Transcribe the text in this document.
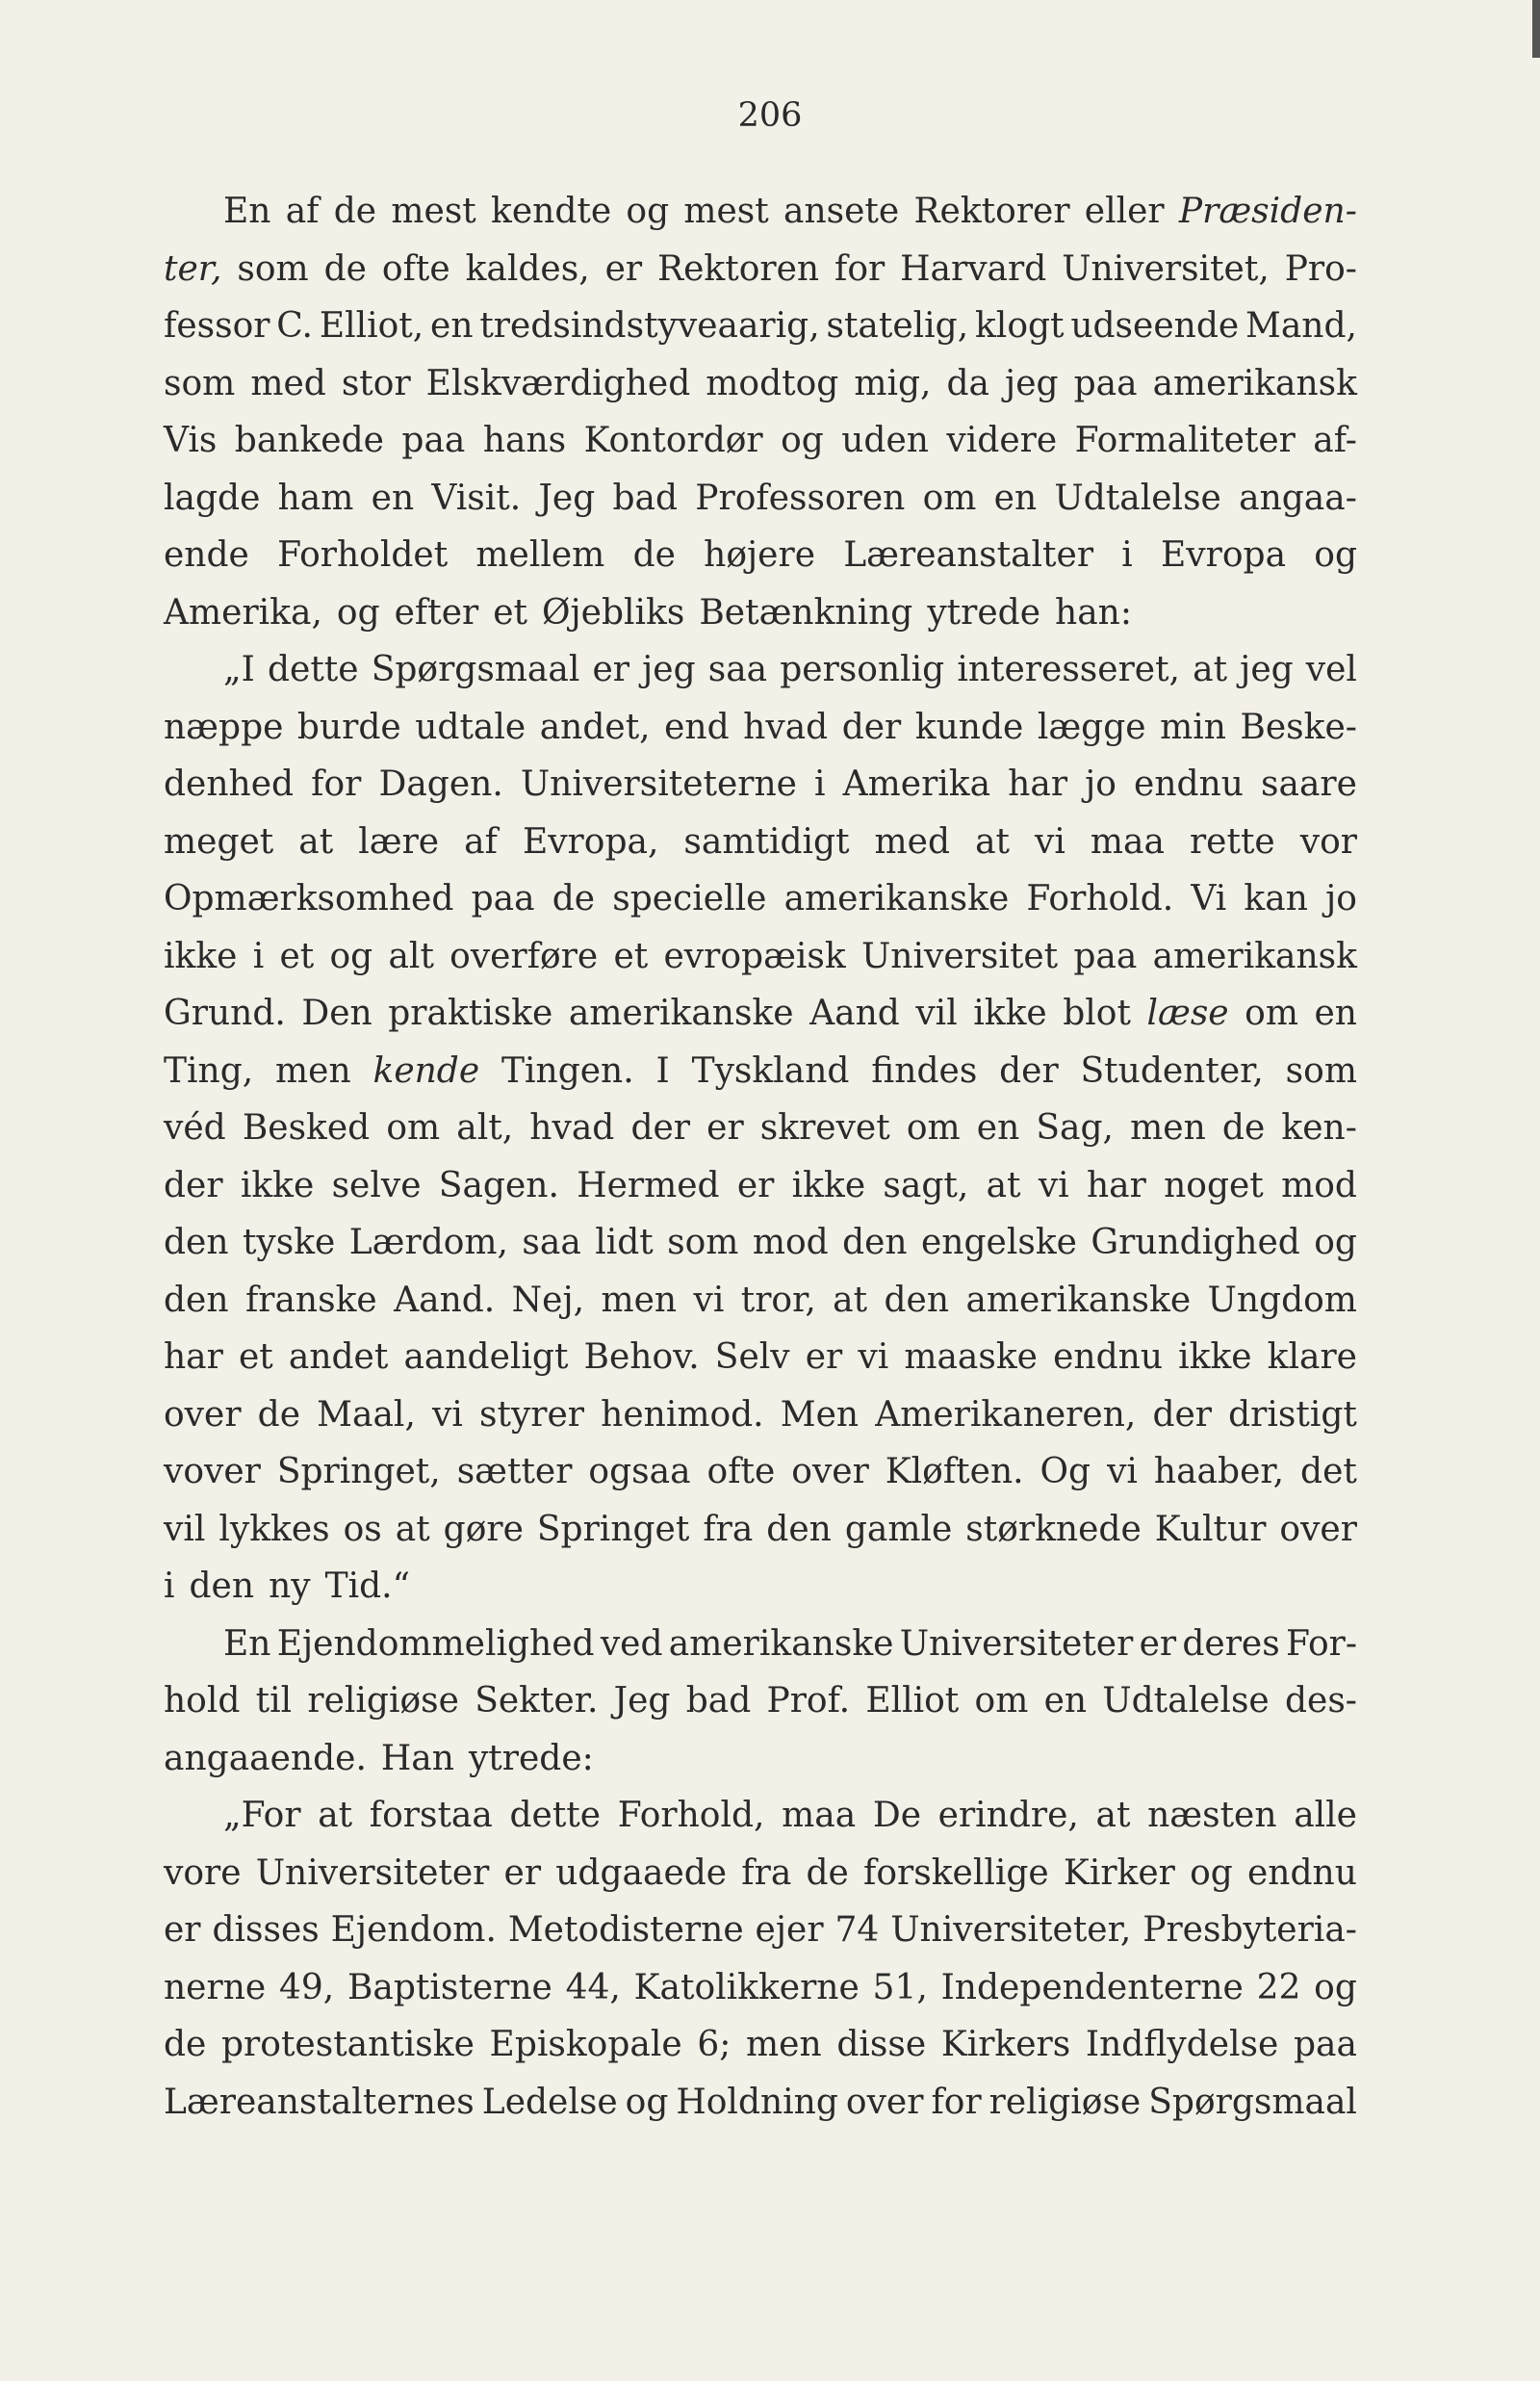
206
En af de mest kendte og mest ansete Rektorer eller Præsiden-
ter, som de ofte kaldes, er Rektoren for Harvard Universitet, Pro-
fessor C. Elliot, en tredsindstyveaarig, statelig, klogt udseende Mand,
som med stor Elskværdighed modtog mig, da jeg paa amerikansk
Vis bankede paa hans Kontordør og uden videre Formaliteter af-
lagde ham en Visit. Jeg bad Professoren om en Udtalelse angaa-
ende Forholdet mellem de højere Læreanstalter i Evropa og
Amerika, og efter et Øjebliks Betænkning ytrede han:
„I dette Spørgsmaal er jeg saa personlig interesseret, at jeg vel
næppe burde udtale andet, end hvad der kunde lægge min Beske-
denhed for Dagen. Universiteterne i Amerika har jo endnu saare
meget at lære af Evropa, samtidigt med at vi maa rette vor
Opmærksomhed paa de specielle amerikanske Forhold. Vi kan jo
ikke i et og alt overføre et evropæisk Universitet paa amerikansk
Grund. Den praktiske amerikanske Aand vil ikke blot læse om en
Ting, men kende Tingen. I Tyskland findes der Studenter, som
véd Besked om alt, hvad der er skrevet om en Sag, men de ken-
der ikke selve Sagen. Hermed er ikke sagt, at vi har noget mod
den tyske Lærdom, saa lidt som mod den engelske Grundighed og
den franske Aand. Nej, men vi tror, at den amerikanske Ungdom
har et andet aandeligt Behov. Selv er vi maaske endnu ikke klare
over de Maal, vi styrer henimod. Men Amerikaneren, der dristigt
vover Springet, sætter ogsaa ofte over Kløften. Og vi haaber, det
vil lykkes os at gøre Springet fra den gamle størknede Kultur over
i den ny Tid.“
En Ejendommelighed ved amerikanske Universiteter er deres For-
hold til religiøse Sekter. Jeg bad Prof. Elliot om en Udtalelse des-
angaaende. Han ytrede:
„For at forstaa dette Forhold, maa De erindre, at næsten alle
vore Universiteter er udgaaede fra de forskellige Kirker og endnu
er disses Ejendom. Metodisterne ejer 74 Universiteter, Presbyteria-
nerne 49, Baptisterne 44, Katolikkerne 51, Independenterne 22 og
de protestantiske Episkopale 6; men disse Kirkers Indflydelse paa
Læreanstalternes Ledelse og Holdning over for religiøse Spørgsmaal
